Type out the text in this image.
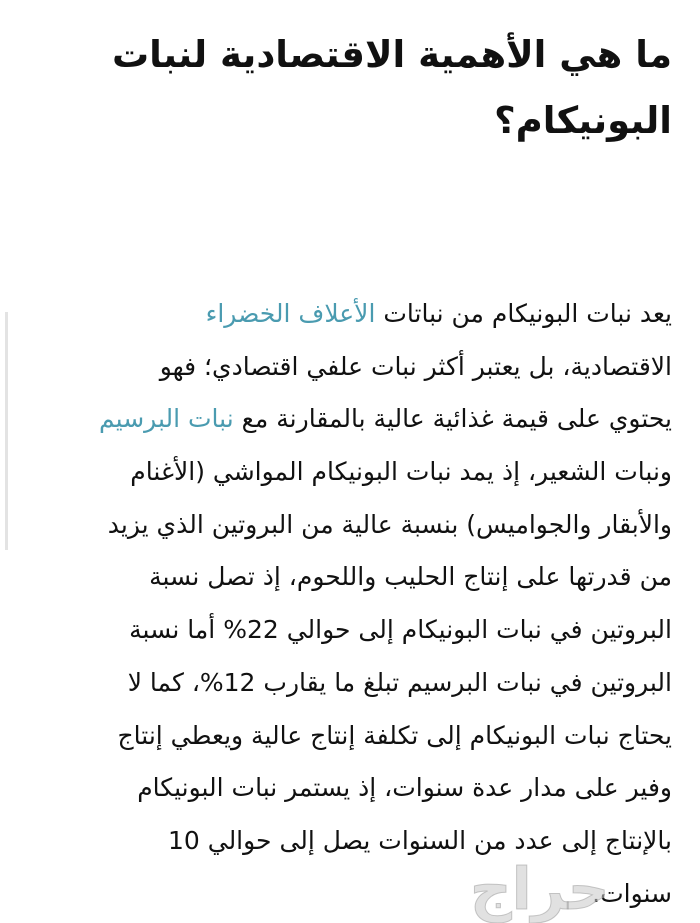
ما هي الأهمية الاقتصادية لنبات
البونيكام؟
يعد نبات البونيكام من نباتات الأعلاف الخضراء
الاقتصادية، بل يعتبر أكثر نبات علفي اقتصادي؛ فهو
يحتوي على قيمة غذائية عالية بالمقارنة مع نبات البرسيم
ونبات الشعير، إذ يمد نبات البونيكام المواشي (الأغنام
والأبقار والجواميس) بنسبة عالية من البروتين الذي يزيد
من قدرتها على إنتاج الحليب واللحوم، إذ تصل نسبة
البروتين في نبات البونيكام إلى حوالي 22% أما نسبة
البروتين في نبات البرسيم تبلغ ما يقارب 12%، كما لا
يحتاج نبات البونيكام إلى تكلفة إنتاج عالية ويعطي إنتاج
وفير على مدار عدة سنوات، إذ يستمر نبات البونيكام
بالإنتاج إلى عدد من السنوات يصل إلى حوالي 10
سنوات.
حراج
